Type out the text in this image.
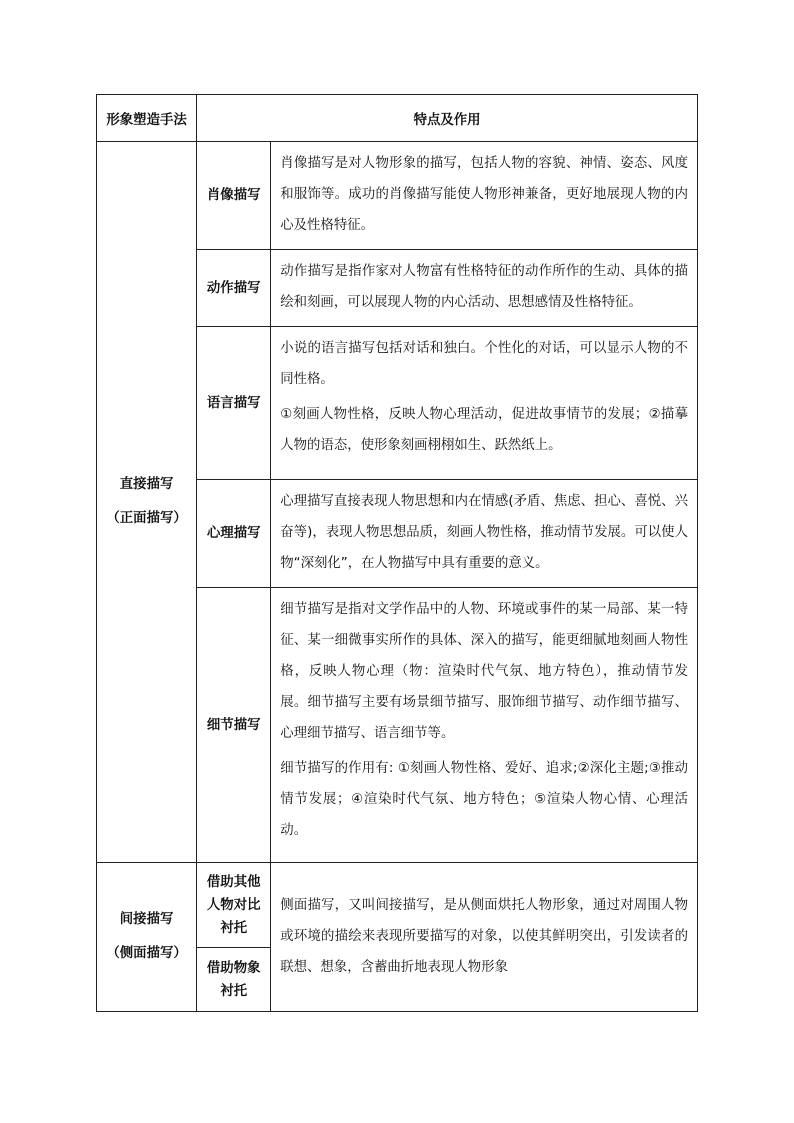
形象塑造手法	特点及作用	

直接描写
（正面描写）	肖像描写	肖像描写是对人物形象的描写，包括人物的容貌、神情、姿态、风度和服饰等。成功的肖像描写能使人物形神兼备，更好地展现人物的内心及性格特征。

	动作描写	动作描写是指作家对人物富有性格特征的动作所作的生动、具体的描绘和刻画，可以展现人物的内心活动、思想感情及性格特征。

	语言描写	小说的语言描写包括对话和独白。个性化的对话，可以显示人物的不同性格。

①刻画人物性格，反映人物心理活动，促进故事情节的发展；②描摹人物的语态，使形象刻画栩栩如生、跃然纸上。

	心理描写	心理描写直接表现人物思想和内在情感(矛盾、焦虑、担心、喜悦、兴奋等)，表现人物思想品质，刻画人物性格，推动情节发展。可以使人物“深刻化”，在人物描写中具有重要的意义。

	细节描写	细节描写是指对文学作品中的人物、环境或事件的某一局部、某一特征、某一细微事实所作的具体、深入的描写，能更细腻地刻画人物性格，反映人物心理（物：渲染时代气氛、地方特色），推动情节发展。细节描写主要有场景细节描写、服饰细节描写、动作细节描写、心理细节描写、语言细节等。

细节描写的作用有: ①刻画人物性格、爱好、追求;②深化主题;③推动情节发展；④渲染时代气氛、地方特色；⑤渲染人物心情、心理活动。

间接描写
（侧面描写）	借助其他人物对比衬托	侧面描写，又叫间接描写，是从侧面烘托人物形象，通过对周围人物或环境的描绘来表现所要描写的对象，以使其鲜明突出，引发读者的联想、想象，含蓄曲折地表现人物形象

	借助物象衬托	
